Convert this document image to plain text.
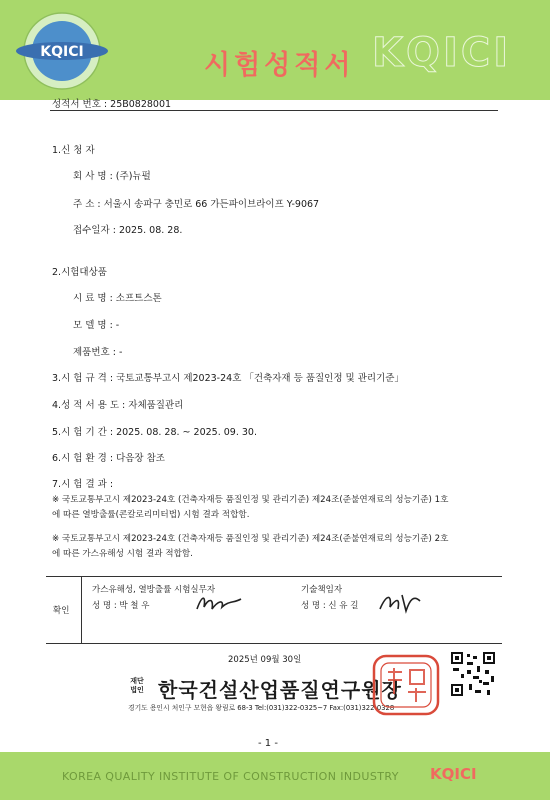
KQICI	시험성적서 KQICI
성적서 번호 : 25B0828001
1.신 청 자
회 사 명 : (주)뉴펄
주 소 : 서울시 송파구 충민로 66 가든파이브라이프 Y-9067
접수일자 : 2025. 08. 28.
2.시험대상품
시 료 명 : 소프트스톤
모 델 명 : -
제품번호 : -
3.시 험 규 격 : 국토교통부고시 제2023-24호 「건축자재 등 품질인정 및 관리기준」
4.성 적 서 용 도 : 자체품질관리
5.시 험 기 간 : 2025. 08. 28. ~ 2025. 09. 30.
6.시 험 환 경 : 다음장 참조
7.시 험 결 과 :
※ 국토교통부고시 제2023-24호 (건축자재등 품질인정 및 관리기준) 제24조(준불연재료의 성능기준) 1호
에 따른 열방출률(콘칼로리미터법) 시험 결과 적합함.
※ 국토교통부고시 제2023-24호 (건축자재등 품질인정 및 관리기준) 제24조(준불연재료의 성능기준) 2호
에 따른 가스유해성 시험 결과 적합함.
확인
가스유해성, 열방출률 시험실무자
성 명 : 박 철 우
기술책임자
성 명 : 신 유 길
2025년 09월 30일
재단법인 한국건설산업품질연구원장
경기도 용인시 처인구 모현읍 왕림로 68-3 Tel:(031)322-0325~7 Fax:(031)322-0328
- 1 -
KOREA QUALITY INSTITUTE OF CONSTRUCTION INDUSTRY KQICI
